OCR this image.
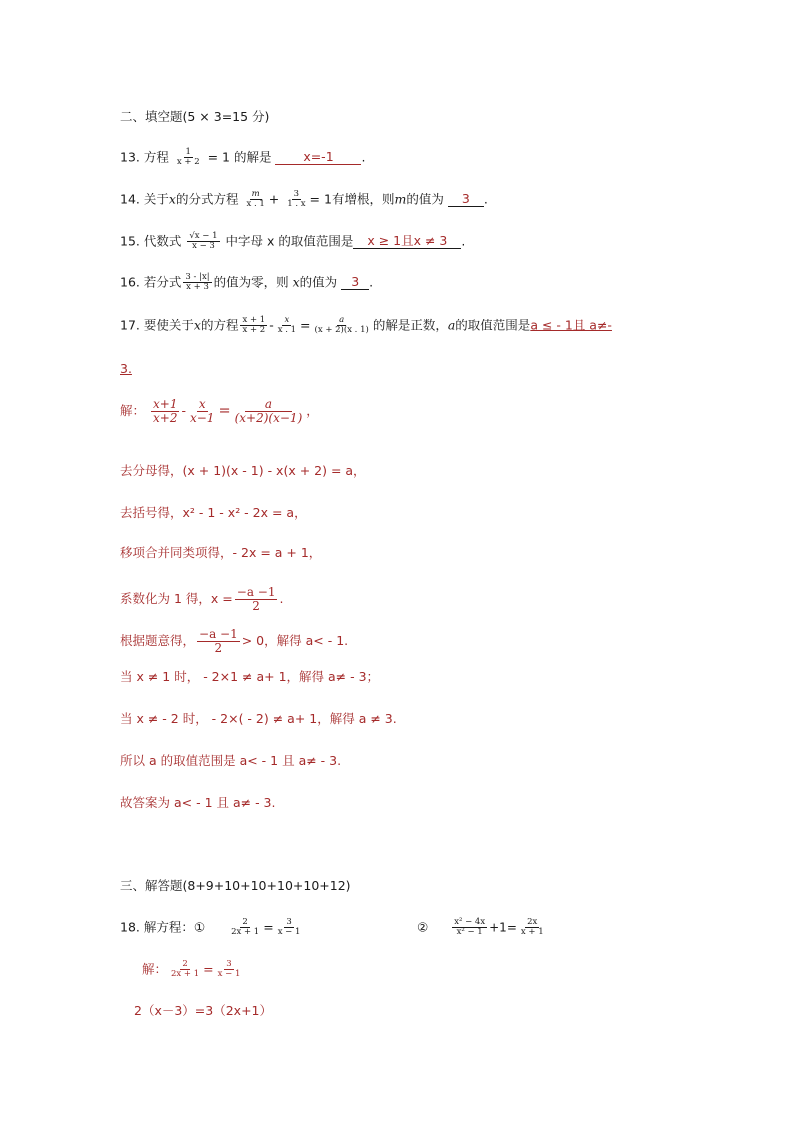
二、填空题(5 × 3=15 分)
13. 方程 $\frac{1}{x + 2} = 1$ 的解是	x=-1 .
14. 关于x的分式方程 $\frac{m}{x . 1} + \frac{3}{1 . x} = 1$有增根，则m的值为 3 .
15. 代数式 $\frac{√x - 1}{x - 3}$ 中字母 x 的取值范围是 x ≥ 1且x ≠ 3 .
16. 若分式 $\frac{3 - |x|}{x + 3}$ 的值为零，则 x的值为 3 .
17. 要使关于x的方程 $\frac{x + 1}{x + 2} - \frac{x}{x . 1} = \frac{a}{(x + 2)(x . 1)}$ 的解是正数，a的取值范围是a ≤ - 1且 a≠-
3.
解： $\frac{x+1}{x+2} - \frac{x}{x-1} = \frac{a}{(x+2)(x-1)}$ ，
去分母得，(x + 1)(x - 1) - x(x + 2) = a，
去括号得，x² - 1 - x² - 2x = a，
移项合并同类项得，- 2x = a + 1，
系数化为 1 得，$x = \frac{-a -1}{2}$ .
根据题意得， $\frac{-a -1}{2} > 0$，解得 a< - 1.
当 x ≠ 1 时， - 2×1 ≠ a+ 1，解得 a≠ - 3；
当 x ≠ - 2 时， - 2×( - 2) ≠ a+ 1，解得 a ≠ 3.
所以 a 的取值范围是 a< - 1 且 a≠ - 3.
故答案为 a< - 1 且 a≠ - 3.
三、解答题(8+9+10+10+10+10+12)
18. 解方程：①	$\frac{2}{2x + 1} = \frac{3}{x - 1}$	②	$\frac{\text{x² − 4x}}{\text{x² − 1}} +1= \frac{2x}{x + 1}$
解： $\frac{2}{2x + 1} = \frac{3}{x - 1}$
2（x－3）=3（2x+1）
